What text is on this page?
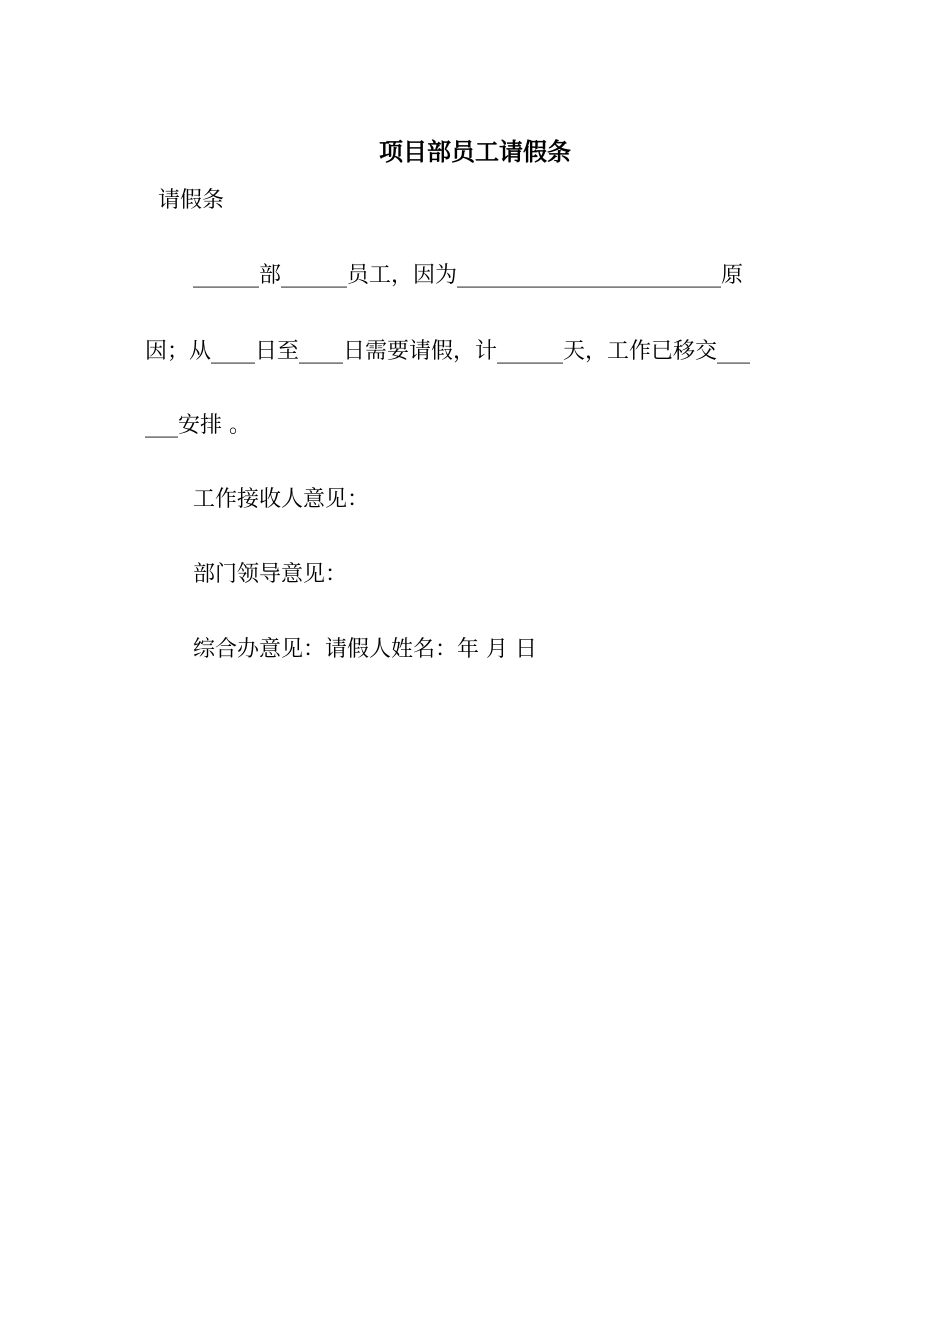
项目部员工请假条
请假条
______部______员工，因为________________________原
因；从____日至____日需要请假，计______天，工作已移交___
___安排 。
工作接收人意见：
部门领导意见：
综合办意见：请假人姓名：年 月 日
